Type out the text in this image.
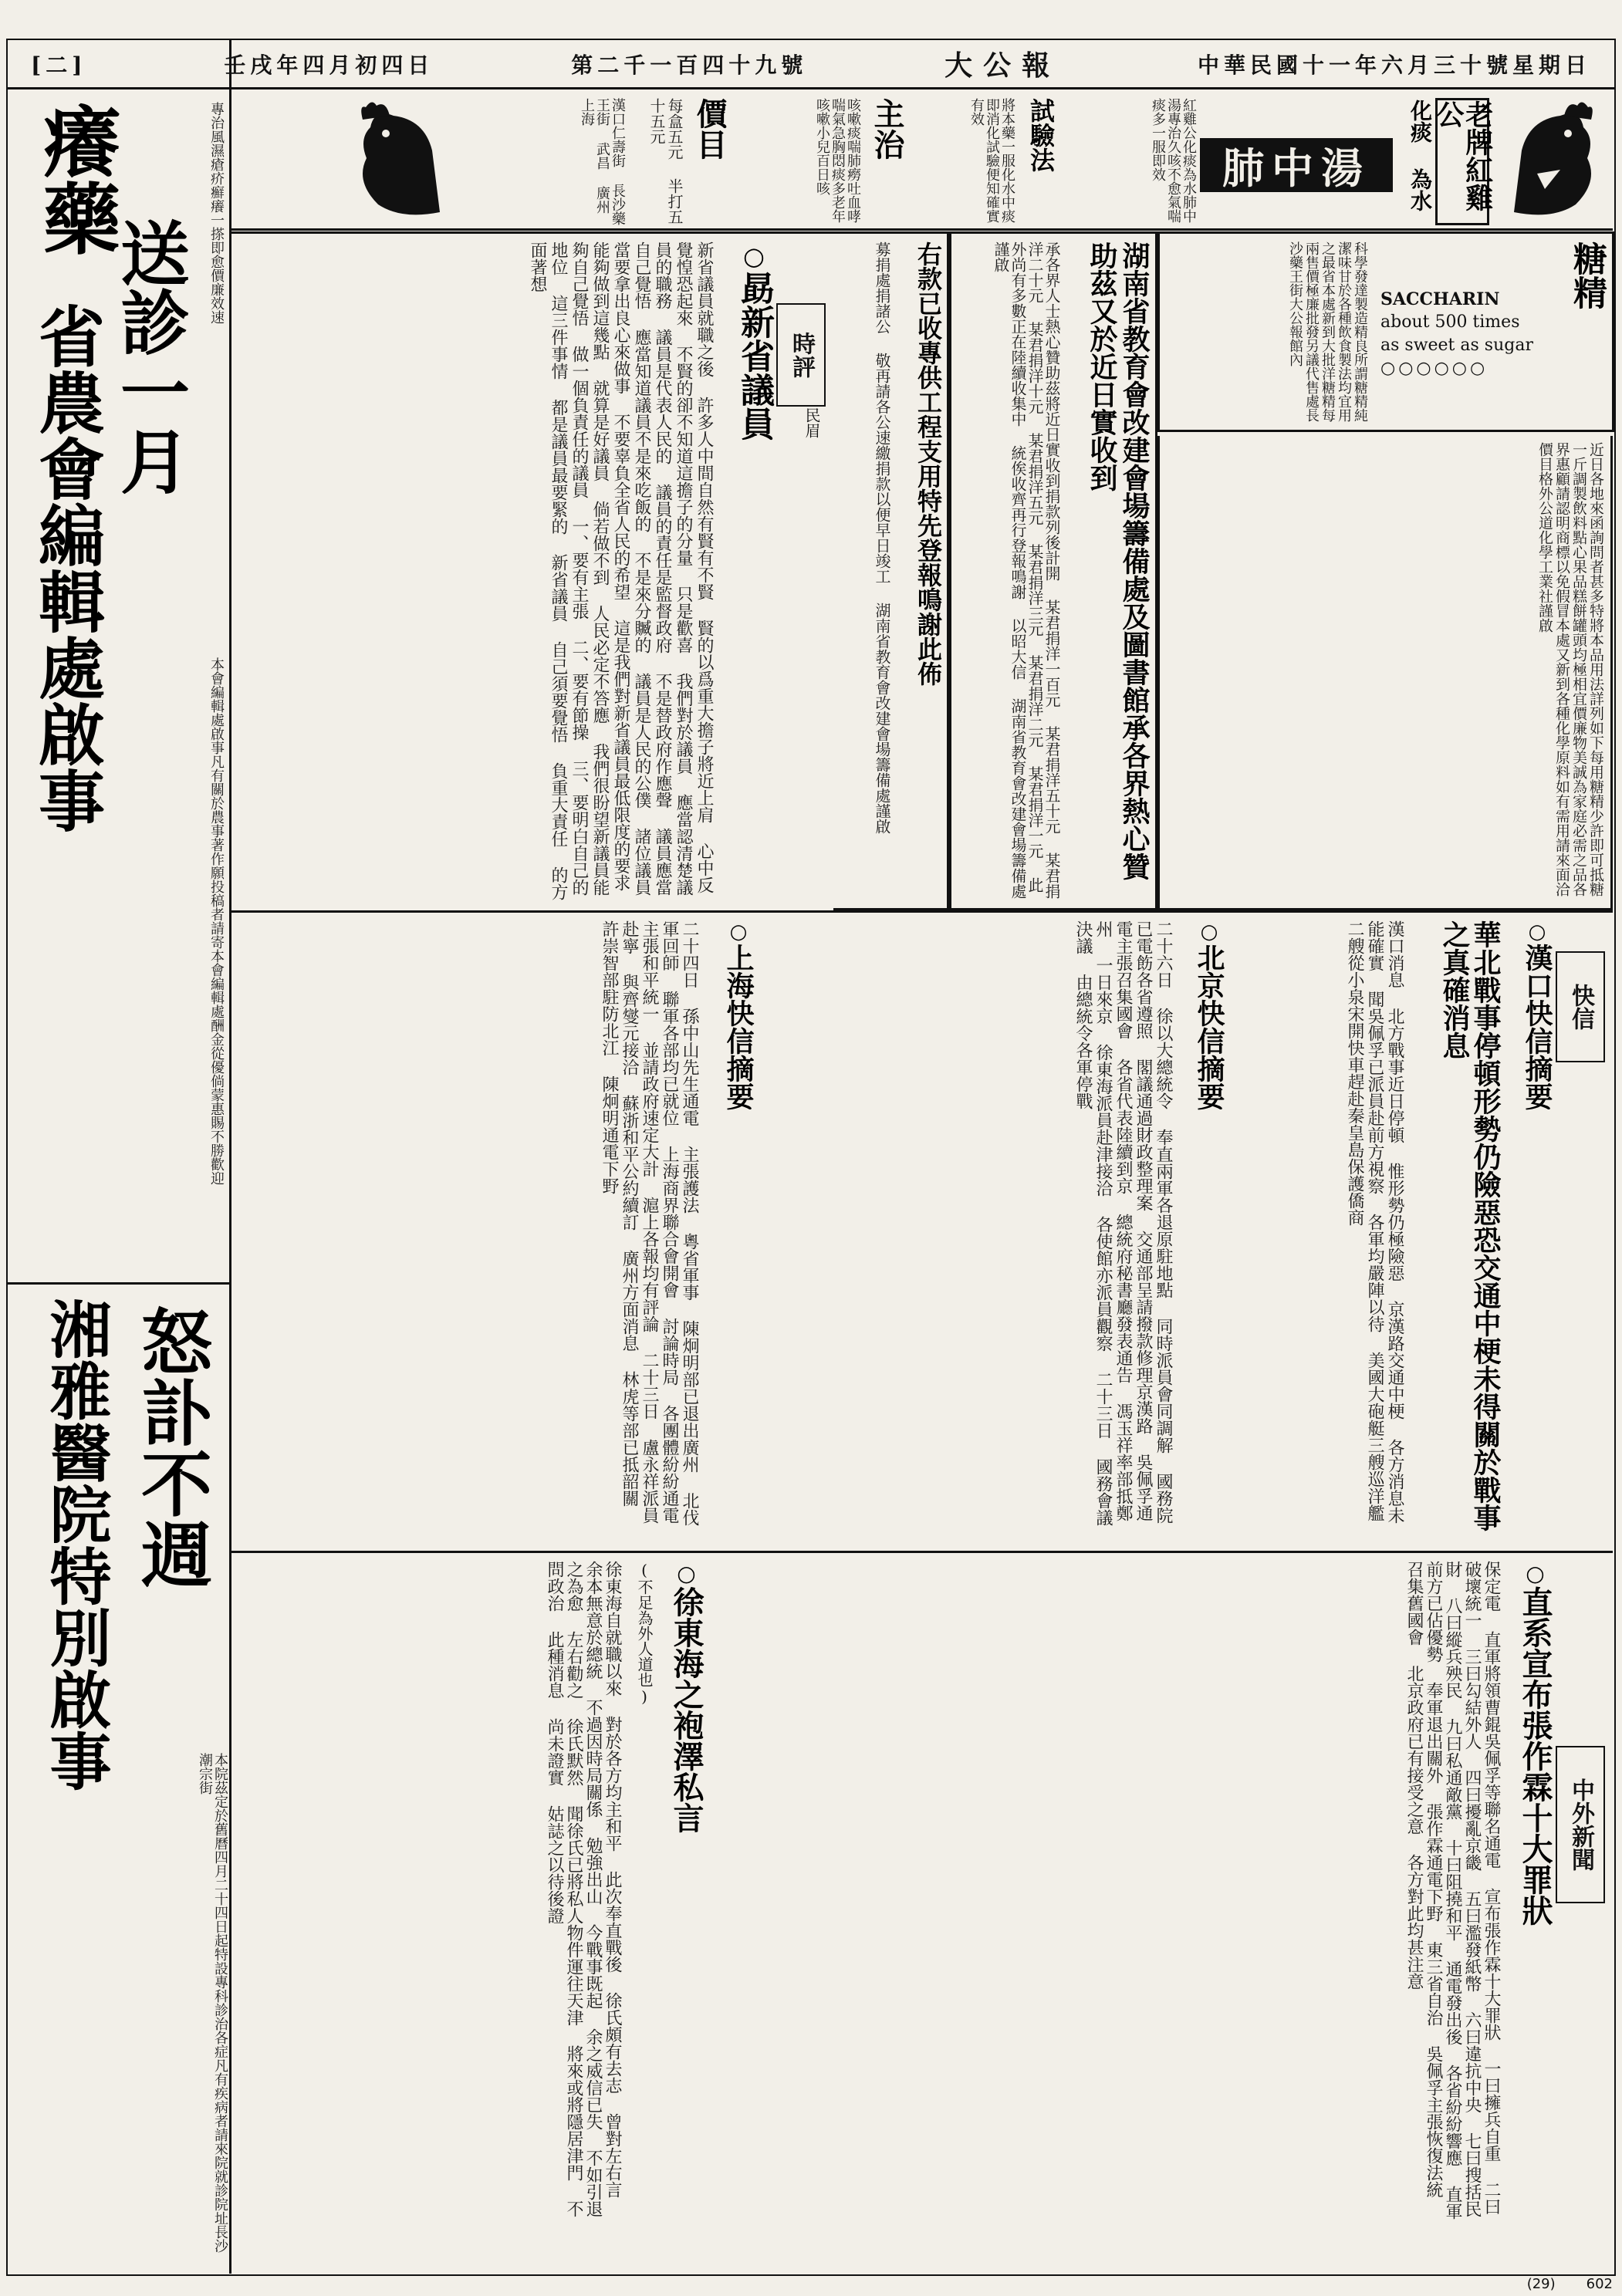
[二]	壬戌年四月初四日	第二千一百四十九號	大公報	中華民國十一年六月三十號星期日
老牌紅雞公
化痰 為水
肺中湯
紅雞公化痰為水肺中湯專治久咳不愈氣喘痰多一服即效
試驗法
將本藥一服化水中痰即消化試驗便知確實有效
主治
咳嗽痰喘肺癆吐血哮喘氣急胸悶痰多老年咳嗽小兒百日咳
價目
每盒五元 半打五十五元
漢口仁壽街 長沙藥王街 武昌 廣州 上海
糖精
SACCHARIN
about 500 times
as sweet as sugar
○○○○○○
科學發達製造精良所謂糖精純潔味甘於各種飲食製法均宜用之最省本處新到大批洋糖精每兩售價極廉批發另議代售處長沙藥王街大公報館內
湖南省教育會改建會場籌備處及圖書館承各界熱心贊助茲又於近日實收到
承各界人士熱心贊助茲將近日實收到捐款列後計開 某君捐洋一百元 某君捐洋五十元 某君捐洋二十元 某君捐洋十元 某君捐洋五元 某君捐洋三元 某君捐洋二元 某君捐洋一元 此外尚有多數正在陸續收集中 統俟收齊再行登報鳴謝 以昭大信 湖南省教育會改建會場籌備處謹啟
右款已收專供工程支用特先登報鳴謝此佈
募捐處捐諸公 敬再請各公速繳捐款以便早日竣工 湖南省教育會改建會場籌備處謹啟	近日各地來函詢問者甚多特將本品用法詳列如下每用糖精少許即可抵糖一斤調製飲料點心果品糕餅罐頭均極相宜價廉物美誠為家庭必需之品各界惠顧請認明商標以免假冒本處又新到各種化學原料如有需用請來面洽價目格外公道化學工業社謹啟
時評
民眉
○勗新省議員
新省議員就職之後 許多人中間自然有賢有不賢 賢的以爲重大擔子將近上肩 心中反覺惶恐起來 不賢的卻不知道這擔子的分量 只是歡喜 我們對於議員 應當認清楚議員的職務 議員是代表人民的 議員的責任是監督政府 不是替政府作應聲 議員應當自己覺悟 應當知道議員不是來吃飯的 不是來分贓的 議員是人民的公僕 諸位議員當要拿出良心來做事 不要辜負全省人民的希望 這是我們對新省議員最低限度的要求 能夠做到這幾點 就算是好議員 倘若做不到 人民必定不答應 我們很盼望新議員能夠自己覺悟 做一個負責任的議員 一、要有主張 二、要有節操 三、要明白自己的地位 這三件事情 都是議員最要緊的 新省議員 自己須要覺悟 負重大責任 的方面著想
癢藥	專治風濕瘡疥癬癢一搽即愈價廉效速
送診一月
省農會編輯處啟事
本會編輯處啟事凡有關於農事著作願投稿者請寄本會編輯處酬金從優倘蒙惠賜不勝歡迎
湘雅醫院特別啟事 怒訃不週
本院茲定於舊曆四月二十四日起特設專科診治各症凡有疾病者請來院就診院址長沙潮宗街
快信
○漢口快信摘要
華北戰事停頓形勢仍險惡恐交通中梗未得關於戰事之真確消息
漢口消息 北方戰事近日停頓 惟形勢仍極險惡 京漢路交通中梗 各方消息未能確實 聞吳佩孚已派員赴前方視察 各軍均嚴陣以待 美國大砲艇三艘巡洋艦二艘從小泉宋開快車趕赴秦皇島保護僑商
○北京快信摘要
二十六日 徐以大總統令 奉直兩軍各退原駐地點 同時派員會同調解 國務院已電飭各省遵照 閣議通過財政整理案 交通部呈請撥款修理京漢路 吳佩孚通電主張召集國會 各省代表陸續到京 總統府秘書廳發表通告 馮玉祥率部抵鄭州 一日來京 徐東海派員赴津接洽 各使館亦派員觀察 二十三日 國務會議決議 由總統令各軍停戰
○上海快信摘要
二十四日 孫中山先生通電 主張護法 粵省軍事 陳炯明部已退出廣州 北伐軍回師 聯軍各部均已就位 上海商界聯合會開會 討論時局 各團體紛紛通電 主張和平統一 並請政府速定大計 滬上各報均有評論 二十三日 盧永祥派員赴寧 與齊燮元接洽 蘇浙和平公約續訂 廣州方面消息 林虎等部已抵韶關 許崇智部駐防北江 陳炯明通電下野
中外新聞
○直系宣布張作霖十大罪狀
保定電 直軍將領曹錕吳佩孚等聯名通電 宣布張作霖十大罪狀 一曰擁兵自重 二曰破壞統一 三曰勾結外人 四曰擾亂京畿 五曰濫發紙幣 六曰違抗中央 七曰搜括民財 八曰縱兵殃民 九曰私通敵黨 十曰阻撓和平 通電發出後 各省紛紛響應 直軍前方已佔優勢 奉軍退出關外 張作霖通電下野 東三省自治 吳佩孚主張恢復法統 召集舊國會 北京政府已有接受之意 各方對此均甚注意
○徐東海之袍澤私言
(不足為外人道也)
徐東海自就職以來 對於各方均主和平 此次奉直戰後 徐氏頗有去志 曾對左右言 余本無意於總統 不過因時局關係 勉強出山 今戰事既起 余之威信已失 不如引退之為愈 左右勸之 徐氏默然 聞徐氏已將私人物件運往天津 將來或將隱居津門 不問政治 此種消息 尚未證實 姑誌之以待後證
(29) 602
